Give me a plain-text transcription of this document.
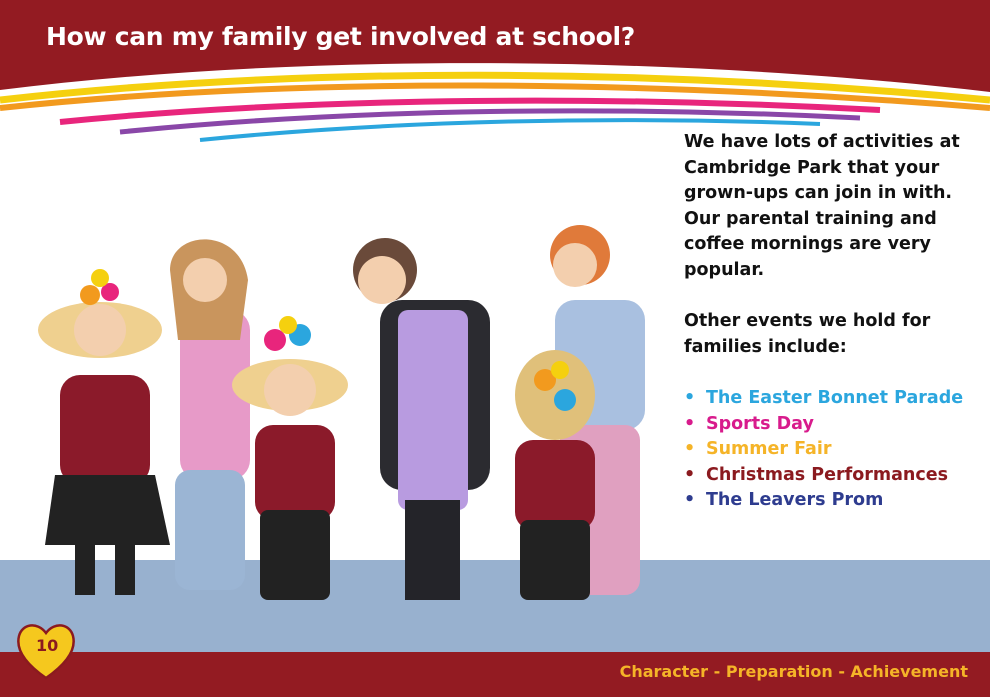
How can my family get involved at school?

We have lots of activities at Cambridge Park that your grown-ups can join in with. Our parental training and coffee mornings are very popular.

Other events we hold for families include:

• The Easter Bonnet Parade
• Sports Day
• Summer Fair
• Christmas Performances
• The Leavers Prom
10
Character - Preparation - Achievement
